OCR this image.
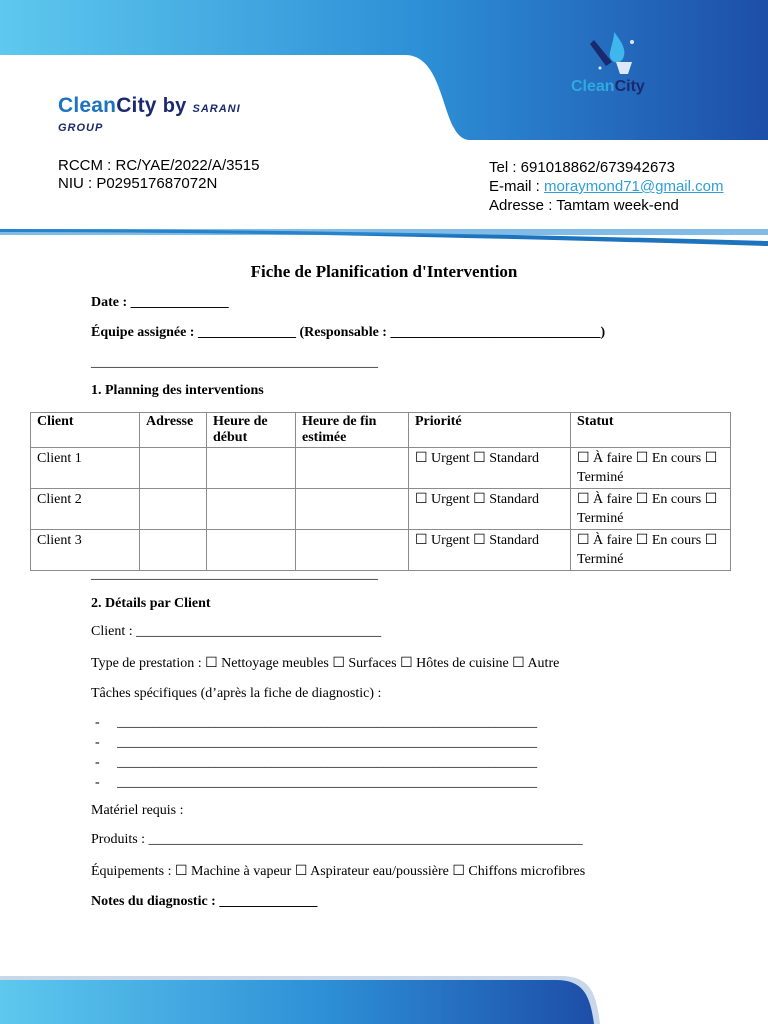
CleanCity
CleanCity by SARANI
GROUP
RCCM : RC/YAE/2022/A/3515
NIU : P029517687072N
Tel : 691018862/673942673
E-mail : moraymond71@gmail.com
Adresse : Tamtam week-end
Fiche de Planification d'Intervention
Date : ______________
Équipe assignée : ______________ (Responsable : ______________________________)
_________________________________________
1. Planning des interventions
Client	Adresse	Heure de début	Heure de fin estimée	Priorité	Statut
Client 1				☐ Urgent ☐ Standard	☐ À faire ☐ En cours ☐ Terminé
Client 2				☐ Urgent ☐ Standard	☐ À faire ☐ En cours ☐ Terminé
Client 3				☐ Urgent ☐ Standard	☐ À faire ☐ En cours ☐ Terminé
_________________________________________
2. Détails par Client
Client : ___________________________________
Type de prestation : ☐ Nettoyage meubles ☐ Surfaces ☐ Hôtes de cuisine ☐ Autre
Tâches spécifiques (d’après la fiche de diagnostic) :
-     ____________________________________________________________
-     ____________________________________________________________
-     ____________________________________________________________
-     ____________________________________________________________
Matériel requis :
Produits : ______________________________________________________________
Équipements : ☐ Machine à vapeur ☐ Aspirateur eau/poussière ☐ Chiffons microfibres
Notes du diagnostic : ______________
